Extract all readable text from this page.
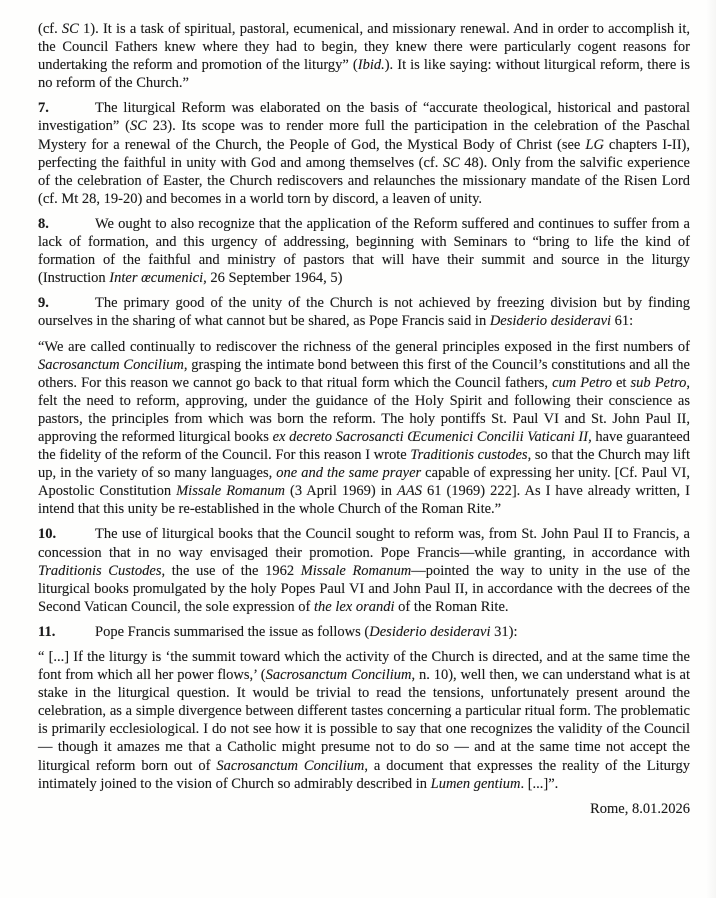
(cf. SC 1). It is a task of spiritual, pastoral, ecumenical, and missionary renewal. And in order to accomplish it, the Council Fathers knew where they had to begin, they knew there were particularly cogent reasons for undertaking the reform and promotion of the liturgy” (Ibid.). It is like saying: without liturgical reform, there is no reform of the Church.”

7.	The liturgical Reform was elaborated on the basis of “accurate theological, historical and pastoral investigation” (SC 23). Its scope was to render more full the participation in the celebration of the Paschal Mystery for a renewal of the Church, the People of God, the Mystical Body of Christ (see LG chapters I-II), perfecting the faithful in unity with God and among themselves (cf. SC 48). Only from the salvific experience of the celebration of Easter, the Church rediscovers and relaunches the missionary mandate of the Risen Lord (cf. Mt 28, 19-20) and becomes in a world torn by discord, a leaven of unity.

8.	We ought to also recognize that the application of the Reform suffered and continues to suffer from a lack of formation, and this urgency of addressing, beginning with Seminars to “bring to life the kind of formation of the faithful and ministry of pastors that will have their summit and source in the liturgy (Instruction Inter œcumenici, 26 September 1964, 5)

9.	The primary good of the unity of the Church is not achieved by freezing division but by finding ourselves in the sharing of what cannot but be shared, as Pope Francis said in Desiderio desideravi 61:

“We are called continually to rediscover the richness of the general principles exposed in the first numbers of Sacrosanctum Concilium, grasping the intimate bond between this first of the Council’s constitutions and all the others. For this reason we cannot go back to that ritual form which the Council fathers, cum Petro et sub Petro, felt the need to reform, approving, under the guidance of the Holy Spirit and following their conscience as pastors, the principles from which was born the reform. The holy pontiffs St. Paul VI and St. John Paul II, approving the reformed liturgical books ex decreto Sacrosancti Œcumenici Concilii Vaticani II, have guaranteed the fidelity of the reform of the Council. For this reason I wrote Traditionis custodes, so that the Church may lift up, in the variety of so many languages, one and the same prayer capable of expressing her unity. [Cf. Paul VI, Apostolic Constitution Missale Romanum (3 April 1969) in AAS 61 (1969) 222]. As I have already written, I intend that this unity be re-established in the whole Church of the Roman Rite.”

10.	The use of liturgical books that the Council sought to reform was, from St. John Paul II to Francis, a concession that in no way envisaged their promotion. Pope Francis—while granting, in accordance with Traditionis Custodes, the use of the 1962 Missale Romanum—pointed the way to unity in the use of the liturgical books promulgated by the holy Popes Paul VI and John Paul II, in accordance with the decrees of the Second Vatican Council, the sole expression of the lex orandi of the Roman Rite.

11.	Pope Francis summarised the issue as follows (Desiderio desideravi 31):

“ [...] If the liturgy is ‘the summit toward which the activity of the Church is directed, and at the same time the font from which all her power flows,’ (Sacrosanctum Concilium, n. 10), well then, we can understand what is at stake in the liturgical question. It would be trivial to read the tensions, unfortunately present around the celebration, as a simple divergence between different tastes concerning a particular ritual form. The problematic is primarily ecclesiological. I do not see how it is possible to say that one recognizes the validity of the Council — though it amazes me that a Catholic might presume not to do so — and at the same time not accept the liturgical reform born out of Sacrosanctum Concilium, a document that expresses the reality of the Liturgy intimately joined to the vision of Church so admirably described in Lumen gentium. [...]”.

Rome, 8.01.2026
